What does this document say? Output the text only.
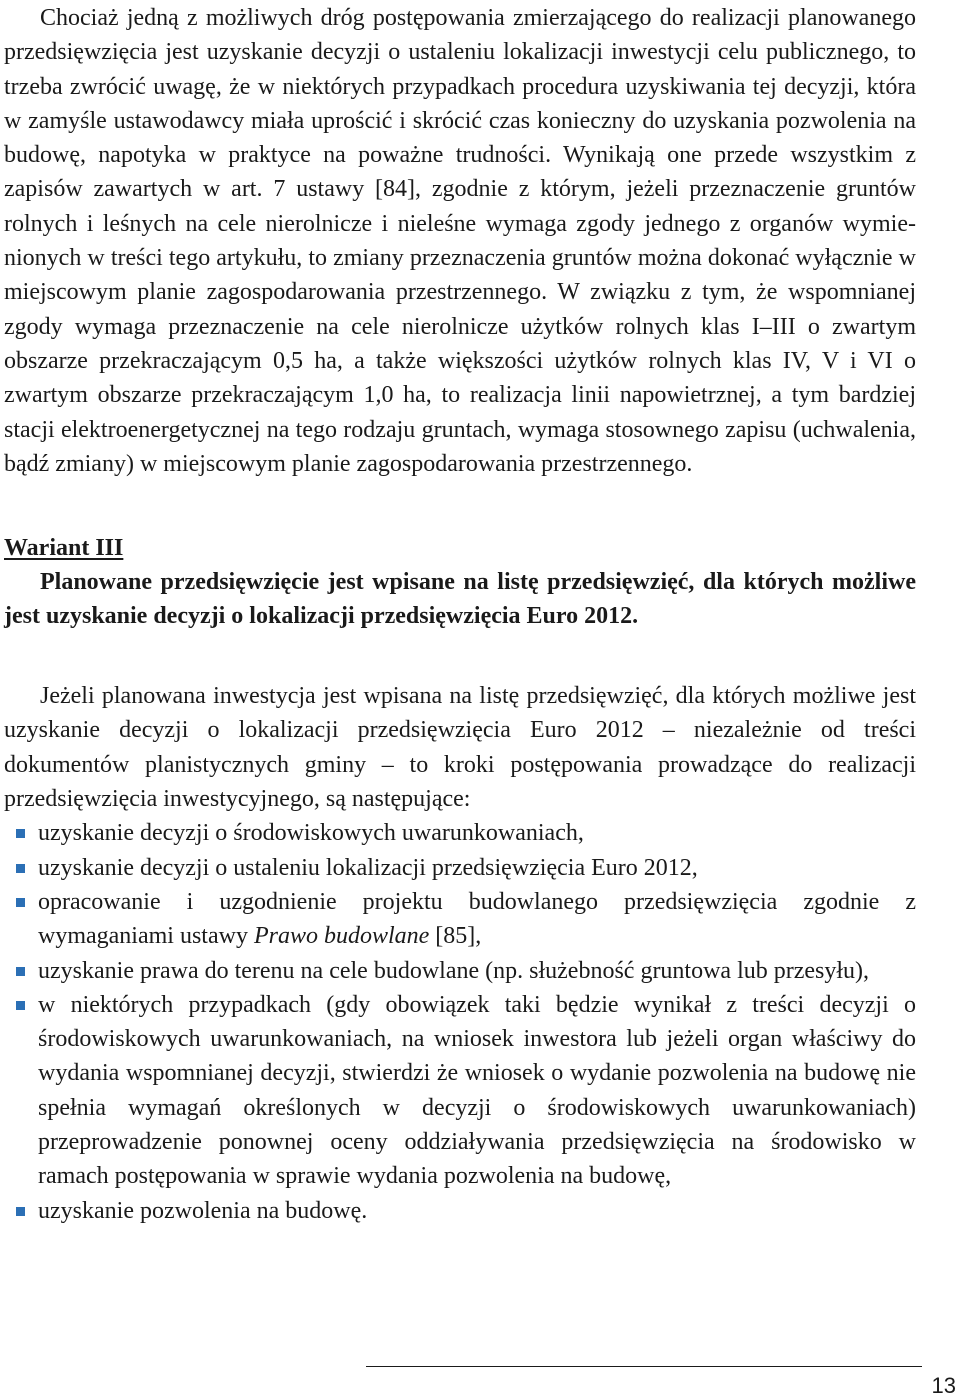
Chociaż jedną z możliwych dróg postępowania zmierzającego do realizacji planowanego przedsięwzięcia jest uzyskanie decyzji o ustaleniu lokalizacji inwestycji celu publicznego, to trzeba zwrócić uwagę, że w niektórych przypadkach procedura uzyskiwania tej decyzji, która w zamyśle ustawodawcy miała uprościć i skrócić czas konieczny do uzyskania pozwolenia na budowę, napotyka w praktyce na poważne trudności. Wynikają one przede wszystkim z zapisów zawartych w art. 7 ustawy [84], zgodnie z którym, jeżeli przeznaczenie gruntów rolnych i leśnych na cele nierolnicze i nieleśne wymaga zgody jednego z organów wymienionych w treści tego artykułu, to zmiany przeznaczenia gruntów można dokonać wyłącznie w miejscowym planie zagospodarowania przestrzennego. W związku z tym, że wspomnianej zgody wymaga przeznaczenie na cele nierolnicze użytków rolnych klas I–III o zwartym obszarze przekraczającym 0,5 ha, a także większości użytków rolnych klas IV, V i VI o zwartym obszarze przekraczającym 1,0 ha, to realizacja linii napowietrznej, a tym bardziej stacji elektroenergetycznej na tego rodzaju gruntach, wymaga stosownego zapisu (uchwalenia, bądź zmiany) w miejscowym planie zagospodarowania przestrzennego.

Wariant III

Planowane przedsięwzięcie jest wpisane na listę przedsięwzięć, dla których możliwe jest uzyskanie decyzji o lokalizacji przedsięwzięcia Euro 2012.

Jeżeli planowana inwestycja jest wpisana na listę przedsięwzięć, dla których możliwe jest uzyskanie decyzji o lokalizacji przedsięwzięcia Euro 2012 – niezależnie od treści dokumentów planistycznych gminy – to kroki postępowania prowadzące do realizacji przedsięwzięcia inwestycyjnego, są następujące:

uzyskanie decyzji o środowiskowych uwarunkowaniach,
uzyskanie decyzji o ustaleniu lokalizacji przedsięwzięcia Euro 2012,
opracowanie i uzgodnienie projektu budowlanego przedsięwzięcia zgodnie z wymaganiami ustawy Prawo budowlane [85],
uzyskanie prawa do terenu na cele budowlane (np. służebność gruntowa lub przesyłu),
w niektórych przypadkach (gdy obowiązek taki będzie wynikał z treści decyzji o środowiskowych uwarunkowaniach, na wniosek inwestora lub jeżeli organ właściwy do wydania wspomnianej decyzji, stwierdzi że wniosek o wydanie pozwolenia na budowę nie spełnia wymagań określonych w decyzji o środowiskowych uwarunkowaniach) przeprowadzenie ponownej oceny oddziaływania przedsięwzięcia na środowisko w ramach postępowania w sprawie wydania pozwolenia na budowę,
uzyskanie pozwolenia na budowę.
13
